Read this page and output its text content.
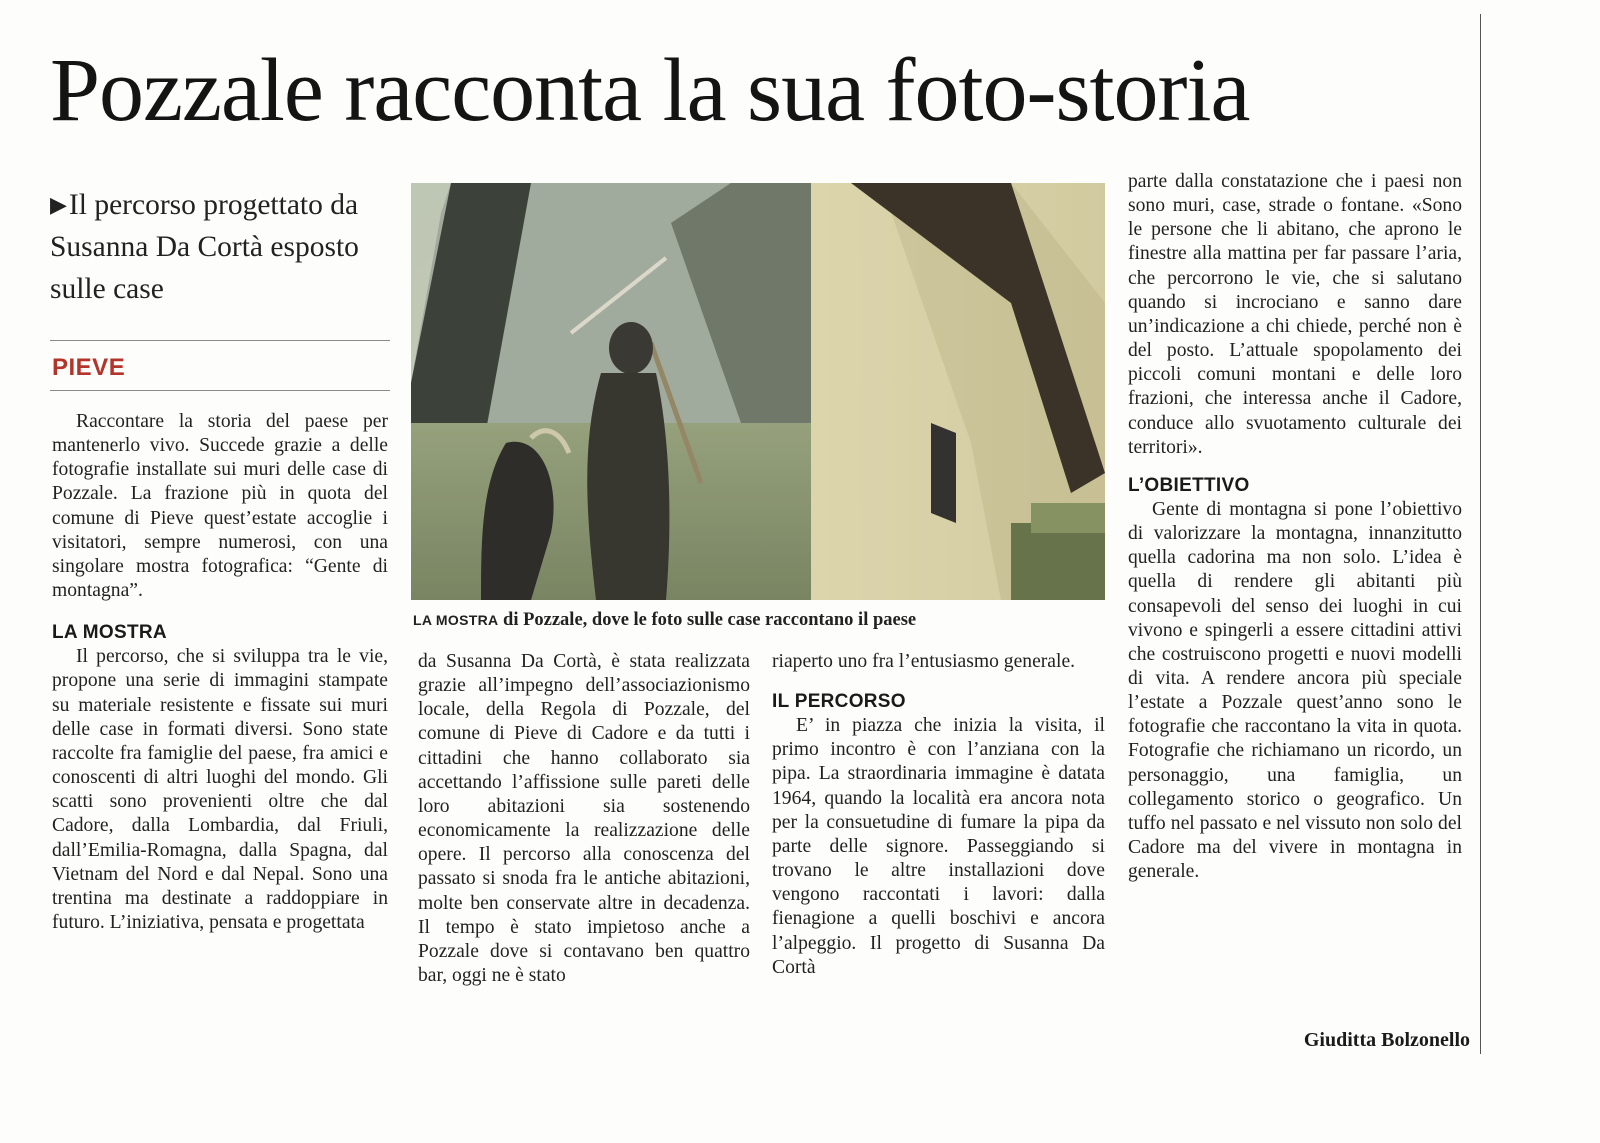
Pozzale racconta la sua foto-storia

▶Il percorso progettato da Susanna Da Cortà esposto sulle case

PIEVE

Raccontare la storia del paese per mantenerlo vivo. Succede grazie a delle fotografie installate sui muri delle case di Pozzale. La frazione più in quota del comune di Pieve quest’estate accoglie i visitatori, sempre numerosi, con una singolare mostra fotografica: “Gente di montagna”.

LA MOSTRA

Il percorso, che si sviluppa tra le vie, propone una serie di immagini stampate su materiale resistente e fissate sui muri delle case in formati diversi. Sono state raccolte fra famiglie del paese, fra amici e conoscenti di altri luoghi del mondo. Gli scatti sono provenienti oltre che dal Cadore, dalla Lombardia, dal Friuli, dall’Emilia-Romagna, dalla Spagna, dal Vietnam del Nord e dal Nepal. Sono una trentina ma destinate a raddoppiare in futuro. L’iniziativa, pensata e progettata

LA MOSTRA di Pozzale, dove le foto sulle case raccontano il paese

da Susanna Da Cortà, è stata realizzata grazie all’impegno dell’associazionismo locale, della Regola di Pozzale, del comune di Pieve di Cadore e da tutti i cittadini che hanno collaborato sia accettando l’affissione sulle pareti delle loro abitazioni sia sostenendo economicamente la realizzazione delle opere. Il percorso alla conoscenza del passato si snoda fra le antiche abitazioni, molte ben conservate altre in decadenza. Il tempo è stato impietoso anche a Pozzale dove si contavano ben quattro bar, oggi ne è stato

riaperto uno fra l’entusiasmo generale.

IL PERCORSO

E’ in piazza che inizia la visita, il primo incontro è con l’anziana con la pipa. La straordinaria immagine è datata 1964, quando la località era ancora nota per la consuetudine di fumare la pipa da parte delle signore. Passeggiando si trovano le altre installazioni dove vengono raccontati i lavori: dalla fienagione a quelli boschivi e ancora l’alpeggio. Il progetto di Susanna Da Cortà

parte dalla constatazione che i paesi non sono muri, case, strade o fontane. «Sono le persone che li abitano, che aprono le finestre alla mattina per far passare l’aria, che percorrono le vie, che si salutano quando si incrociano e sanno dare un’indicazione a chi chiede, perché non è del posto. L’attuale spopolamento dei piccoli comuni montani e delle loro frazioni, che interessa anche il Cadore, conduce allo svuotamento culturale dei territori».

L’OBIETTIVO

Gente di montagna si pone l’obiettivo di valorizzare la montagna, innanzitutto quella cadorina ma non solo. L’idea è quella di rendere gli abitanti più consapevoli del senso dei luoghi in cui vivono e spingerli a essere cittadini attivi che costruiscono progetti e nuovi modelli di vita. A rendere ancora più speciale l’estate a Pozzale quest’anno sono le fotografie che raccontano la vita in quota. Fotografie che richiamano un ricordo, un personaggio, una famiglia, un collegamento storico o geografico. Un tuffo nel passato e nel vissuto non solo del Cadore ma del vivere in montagna in generale.

Giuditta Bolzonello
